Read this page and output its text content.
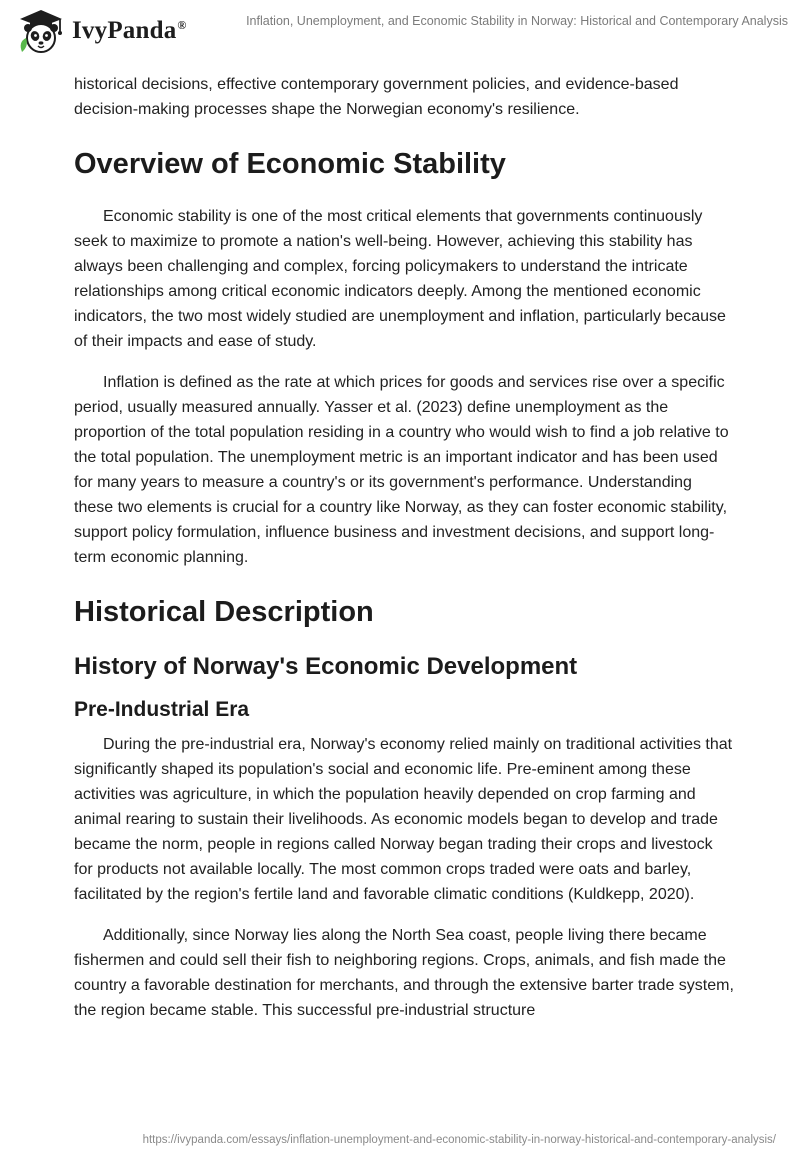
IvyPanda®	Inflation, Unemployment, and Economic Stability in Norway: Historical and Contemporary Analysis

historical decisions, effective contemporary government policies, and evidence-based decision-making processes shape the Norwegian economy's resilience.

Overview of Economic Stability

Economic stability is one of the most critical elements that governments continuously seek to maximize to promote a nation's well-being. However, achieving this stability has always been challenging and complex, forcing policymakers to understand the intricate relationships among critical economic indicators deeply. Among the mentioned economic indicators, the two most widely studied are unemployment and inflation, particularly because of their impacts and ease of study.

Inflation is defined as the rate at which prices for goods and services rise over a specific period, usually measured annually. Yasser et al. (2023) define unemployment as the proportion of the total population residing in a country who would wish to find a job relative to the total population. The unemployment metric is an important indicator and has been used for many years to measure a country's or its government's performance. Understanding these two elements is crucial for a country like Norway, as they can foster economic stability, support policy formulation, influence business and investment decisions, and support long-term economic planning.

Historical Description
History of Norway's Economic Development
Pre-Industrial Era

During the pre-industrial era, Norway's economy relied mainly on traditional activities that significantly shaped its population's social and economic life. Pre-eminent among these activities was agriculture, in which the population heavily depended on crop farming and animal rearing to sustain their livelihoods. As economic models began to develop and trade became the norm, people in regions called Norway began trading their crops and livestock for products not available locally. The most common crops traded were oats and barley, facilitated by the region's fertile land and favorable climatic conditions (Kuldkepp, 2020).

Additionally, since Norway lies along the North Sea coast, people living there became fishermen and could sell their fish to neighboring regions. Crops, animals, and fish made the country a favorable destination for merchants, and through the extensive barter trade system, the region became stable. This successful pre-industrial structure

https://ivypanda.com/essays/inflation-unemployment-and-economic-stability-in-norway-historical-and-contemporary-analysis/
